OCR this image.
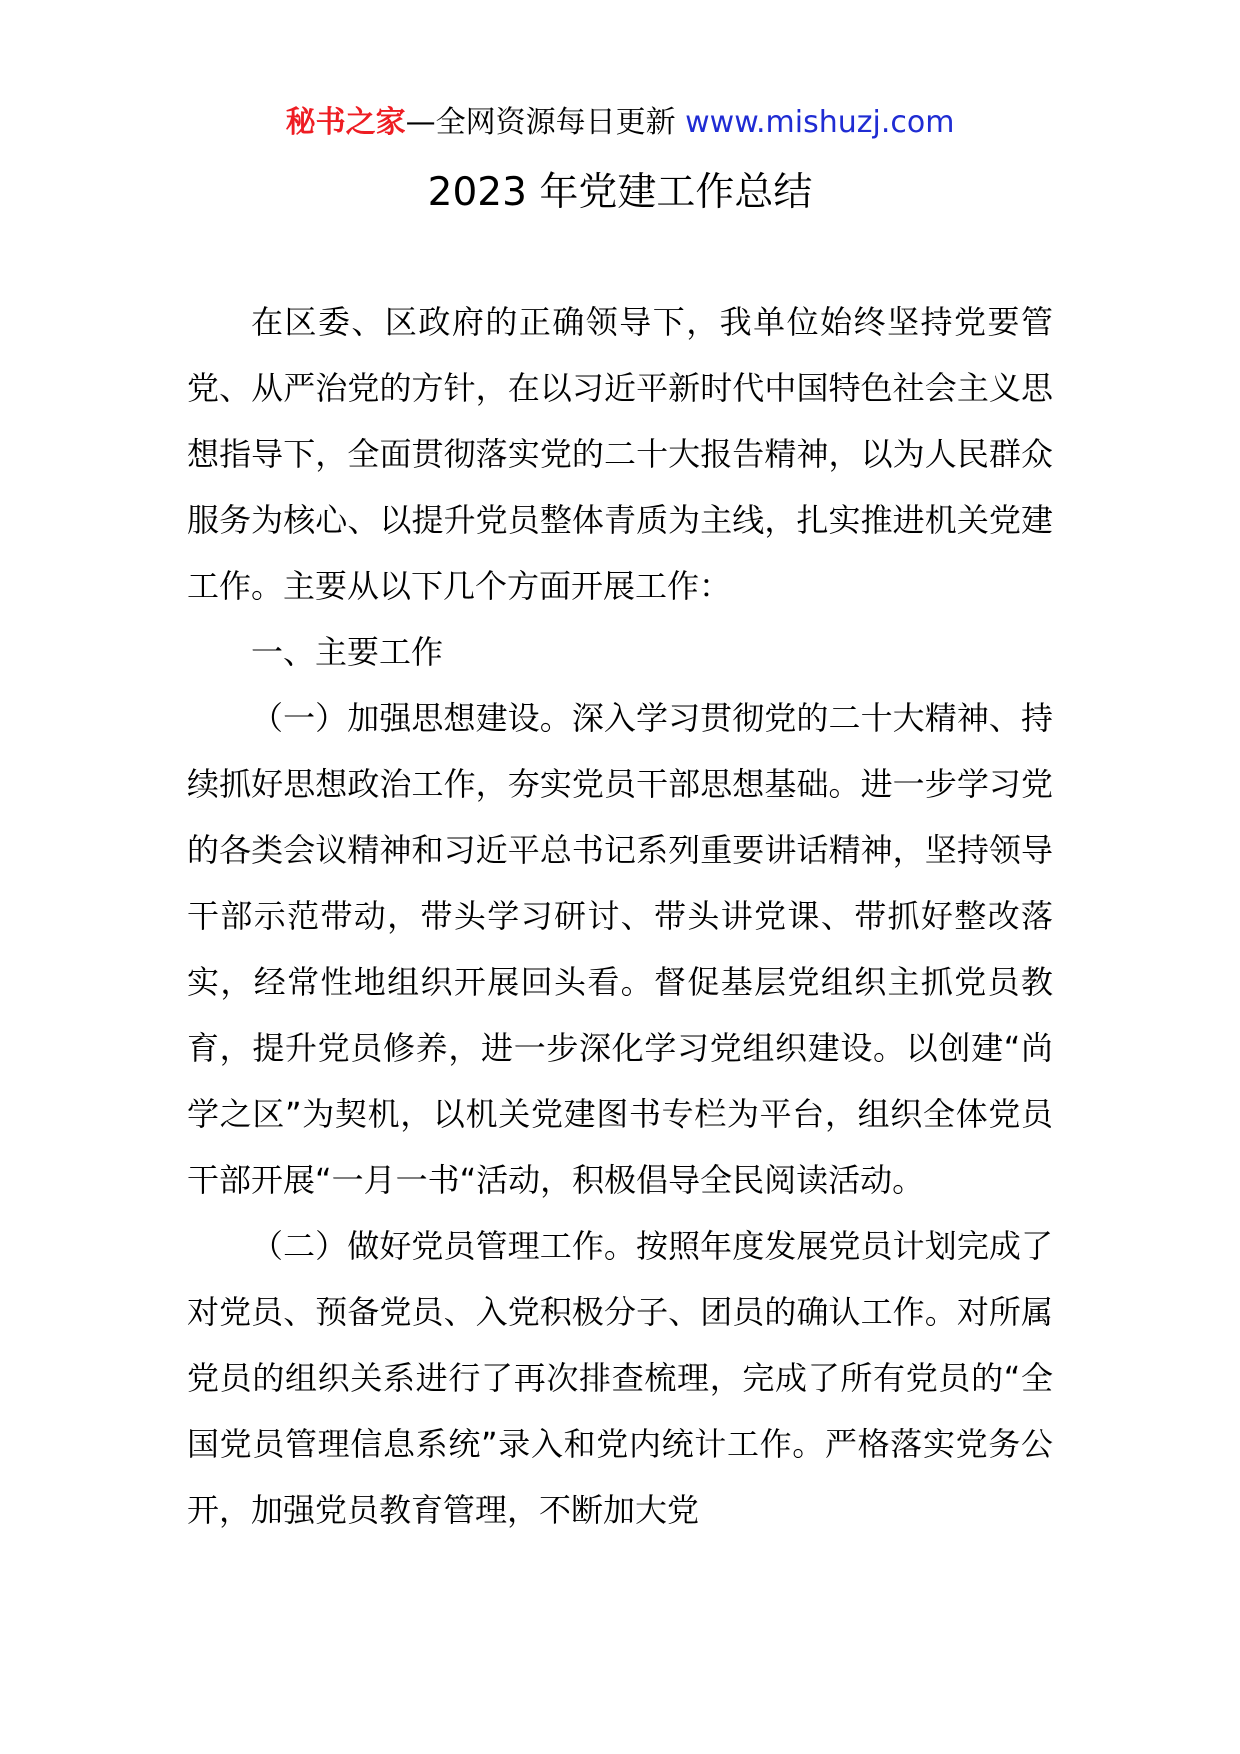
秘书之家—全网资源每日更新 www.mishuzj.com
2023 年党建工作总结

在区委、区政府的正确领导下，我单位始终坚持党要管党、从严治党的方针，在以习近平新时代中国特色社会主义思想指导下，全面贯彻落实党的二十大报告精神，以为人民群众服务为核心、以提升党员整体青质为主线，扎实推进机关党建工作。主要从以下几个方面开展工作：

一、主要工作

（一）加强思想建设。深入学习贯彻党的二十大精神、持续抓好思想政治工作，夯实党员干部思想基础。进一步学习党的各类会议精神和习近平总书记系列重要讲话精神，坚持领导干部示范带动，带头学习研讨、带头讲党课、带抓好整改落实，经常性地组织开展回头看。督促基层党组织主抓党员教育，提升党员修养，进一步深化学习党组织建设。以创建“尚学之区”为契机，以机关党建图书专栏为平台，组织全体党员干部开展“一月一书“活动，积极倡导全民阅读活动。

（二）做好党员管理工作。按照年度发展党员计划完成了对党员、预备党员、入党积极分子、团员的确认工作。对所属党员的组织关系进行了再次排查梳理，完成了所有党员的“全国党员管理信息系统”录入和党内统计工作。严格落实党务公开，加强党员教育管理，不断加大党
